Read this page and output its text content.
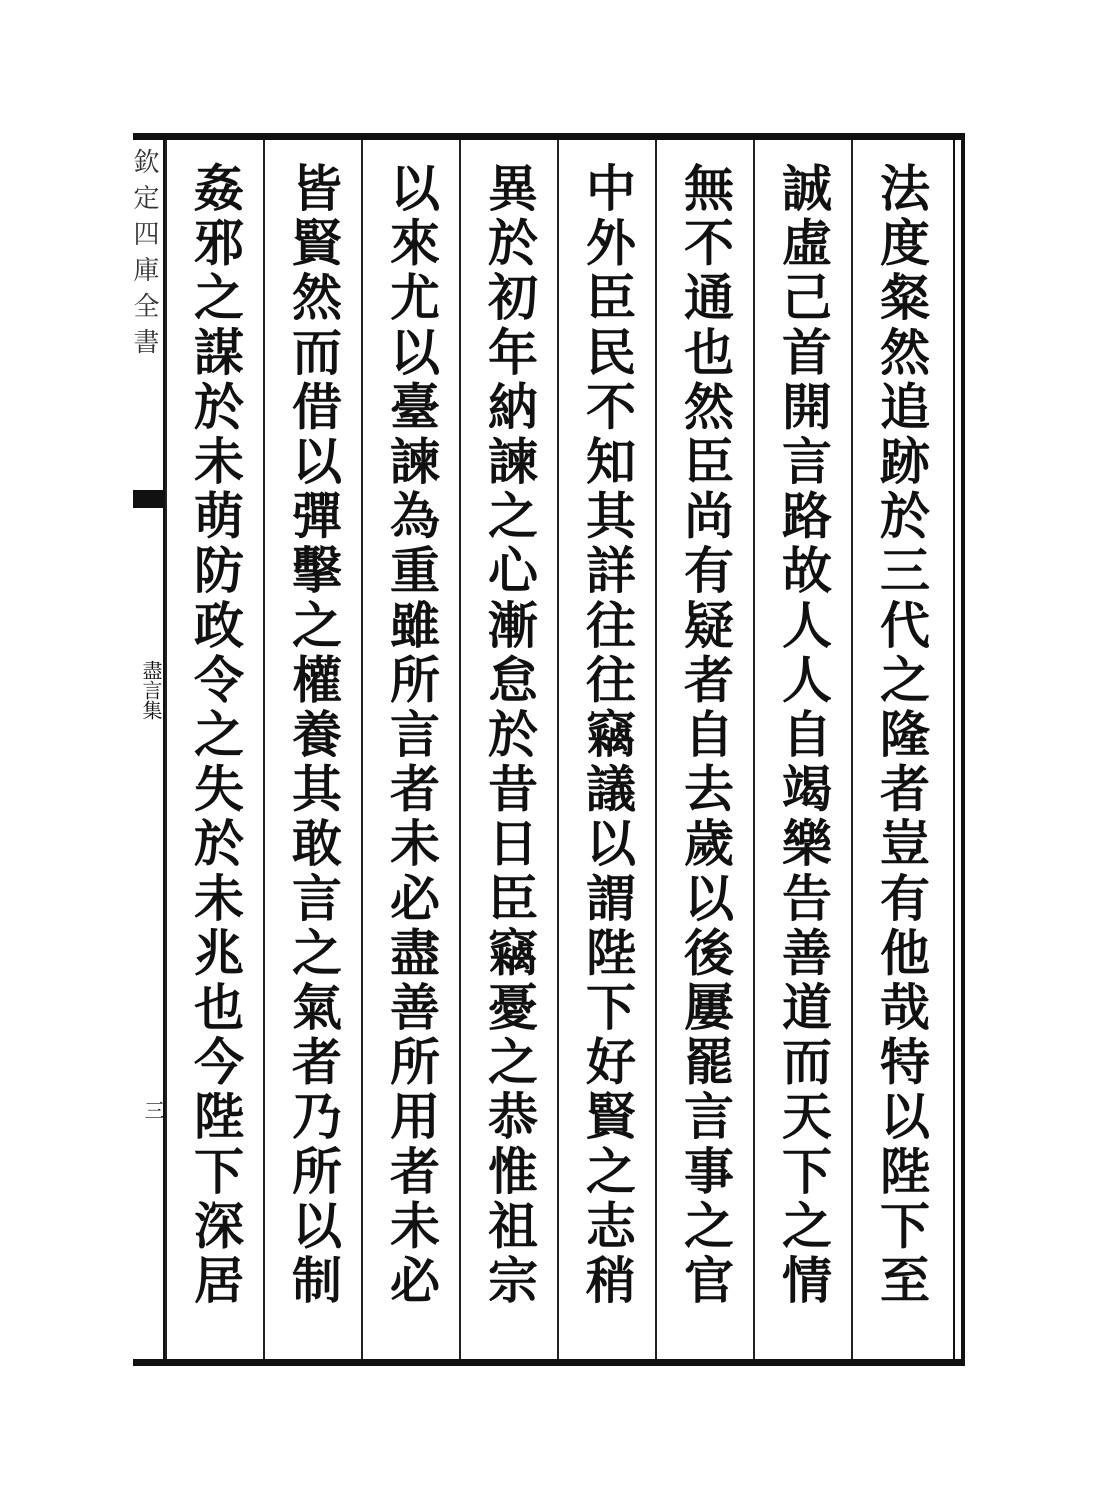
欽定四庫全書
盡言集
三	法度粲然追跡於三代之隆者豈有他哉特以陛下至
誠虛己首開言路故人人自竭樂告善道而天下之情
無不通也然臣尚有疑者自去歲以後屢罷言事之官
中外臣民不知其詳往往竊議以謂陛下好賢之志稍
異於初年納諫之心漸怠於昔日臣竊憂之恭惟祖宗
以來尤以臺諫為重雖所言者未必盡善所用者未必
皆賢然而借以彈擊之權養其敢言之氣者乃所以制
姦邪之謀於未萌防政令之失於未兆也今陛下深居
